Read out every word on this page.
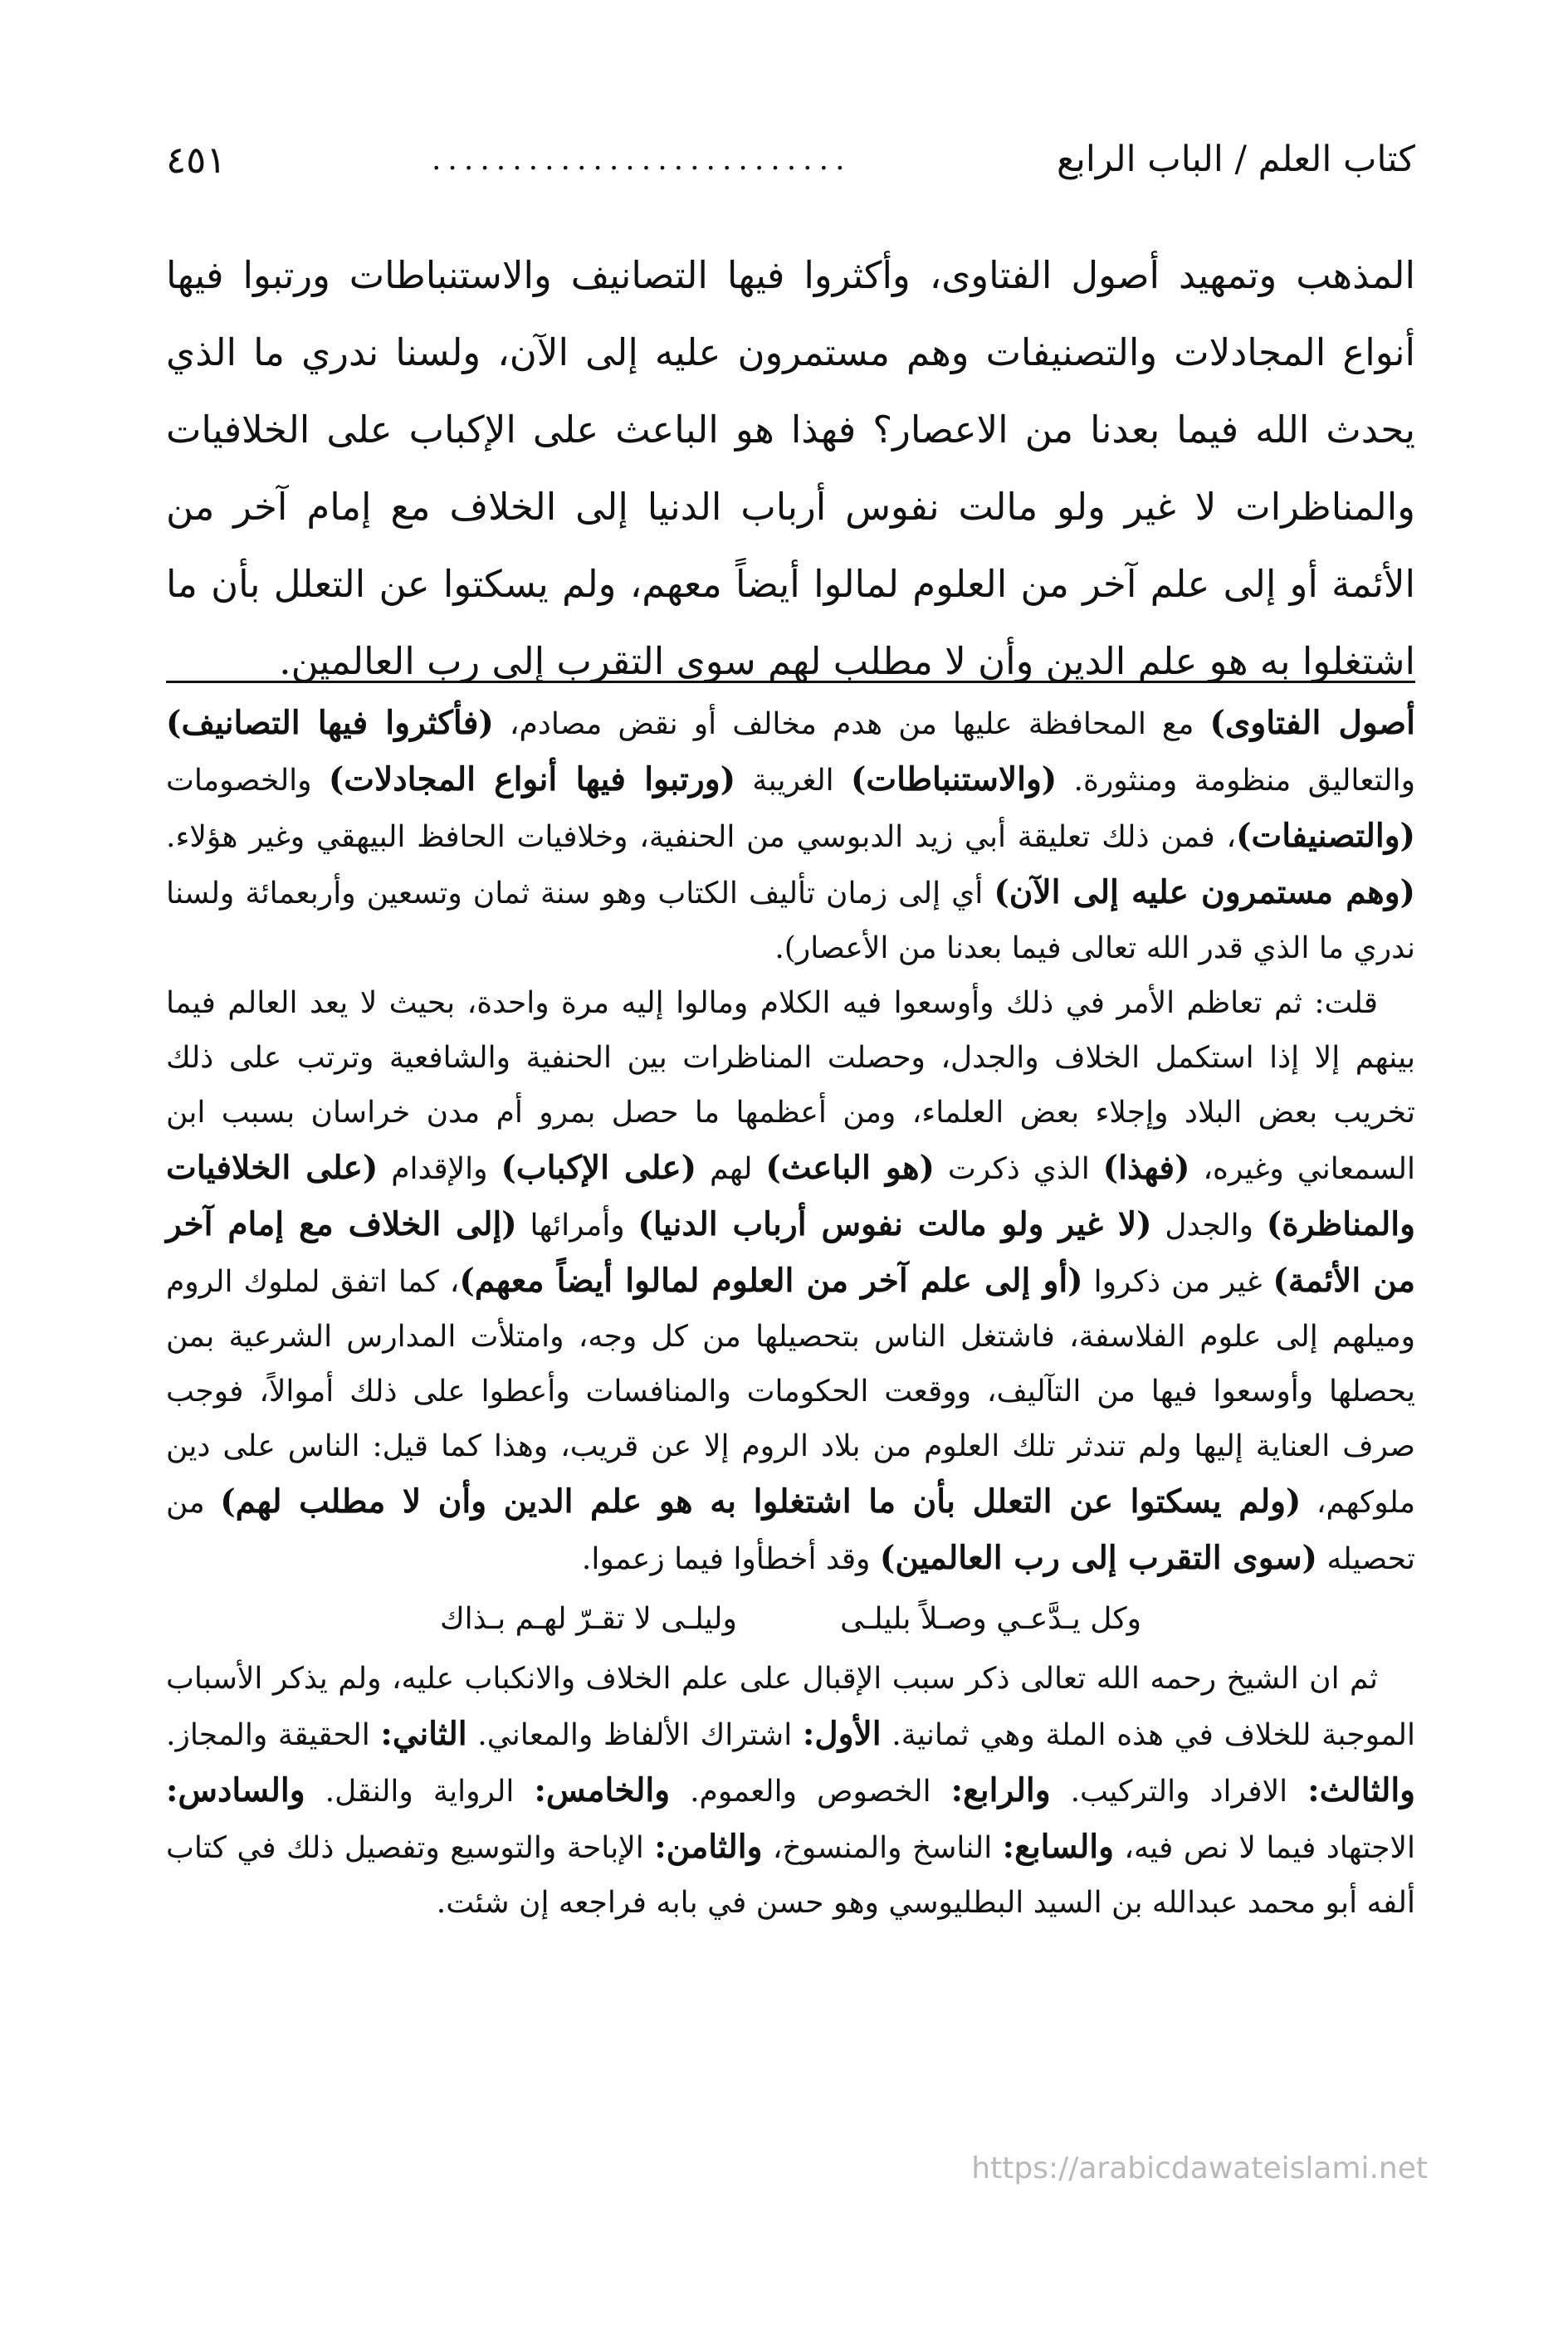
كتاب العلم / الباب الرابع
..........................
٤٥١

المذهب وتمهيد أصول الفتاوى، وأكثروا فيها التصانيف والاستنباطات ورتبوا فيها أنواع المجادلات والتصنيفات وهم مستمرون عليه إلى الآن، ولسنا ندري ما الذي يحدث الله فيما بعدنا من الاعصار؟ فهذا هو الباعث على الإكباب على الخلافيات والمناظرات لا غير ولو مالت نفوس أرباب الدنيا إلى الخلاف مع إمام آخر من الأئمة أو إلى علم آخر من العلوم لمالوا أيضاً معهم، ولم يسكتوا عن التعلل بأن ما اشتغلوا به هو علم الدين وأن لا مطلب لهم سوى التقرب إلى رب العالمين.

أصول الفتاوى) مع المحافظة عليها من هدم مخالف أو نقض مصادم، (فأكثروا فيها التصانيف) والتعاليق منظومة ومنثورة. (والاستنباطات) الغريبة (ورتبوا فيها أنواع المجادلات) والخصومات (والتصنيفات)، فمن ذلك تعليقة أبي زيد الدبوسي من الحنفية، وخلافيات الحافظ البيهقي وغير هؤلاء. (وهم مستمرون عليه إلى الآن) أي إلى زمان تأليف الكتاب وهو سنة ثمان وتسعين وأربعمائة ولسنا ندري ما الذي قدر الله تعالى فيما بعدنا من الأعصار).

قلت: ثم تعاظم الأمر في ذلك وأوسعوا فيه الكلام ومالوا إليه مرة واحدة، بحيث لا يعد العالم فيما بينهم إلا إذا استكمل الخلاف والجدل، وحصلت المناظرات بين الحنفية والشافعية وترتب على ذلك تخريب بعض البلاد وإجلاء بعض العلماء، ومن أعظمها ما حصل بمرو أم مدن خراسان بسبب ابن السمعاني وغيره، (فهذا) الذي ذكرت (هو الباعث) لهم (على الإكباب) والإقدام (على الخلافيات والمناظرة) والجدل (لا غير ولو مالت نفوس أرباب الدنيا) وأمرائها (إلى الخلاف مع إمام آخر من الأئمة) غير من ذكروا (أو إلى علم آخر من العلوم لمالوا أيضاً معهم)، كما اتفق لملوك الروم وميلهم إلى علوم الفلاسفة، فاشتغل الناس بتحصيلها من كل وجه، وامتلأت المدارس الشرعية بمن يحصلها وأوسعوا فيها من التآليف، ووقعت الحكومات والمنافسات وأعطوا على ذلك أموالاً، فوجب صرف العناية إليها ولم تندثر تلك العلوم من بلاد الروم إلا عن قريب، وهذا كما قيل: الناس على دين ملوكهم، (ولم يسكتوا عن التعلل بأن ما اشتغلوا به هو علم الدين وأن لا مطلب لهم) من تحصيله (سوى التقرب إلى رب العالمين) وقد أخطأوا فيما زعموا.

وكل يـدَّعـي وصـلاً بليلـى
وليلـى لا تقـرّ لهـم بـذاك

ثم ان الشيخ رحمه الله تعالى ذكر سبب الإقبال على علم الخلاف والانكباب عليه، ولم يذكر الأسباب الموجبة للخلاف في هذه الملة وهي ثمانية. الأول: اشتراك الألفاظ والمعاني. الثاني: الحقيقة والمجاز. والثالث: الافراد والتركيب. والرابع: الخصوص والعموم. والخامس: الرواية والنقل. والسادس: الاجتهاد فيما لا نص فيه، والسابع: الناسخ والمنسوخ، والثامن: الإباحة والتوسيع وتفصيل ذلك في كتاب ألفه أبو محمد عبدالله بن السيد البطليوسي وهو حسن في بابه فراجعه إن شئت.

https://arabicdawateislami.net
